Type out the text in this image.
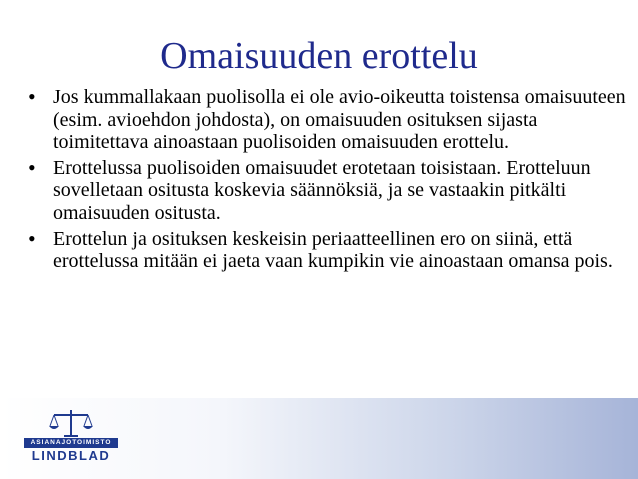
Omaisuuden erottelu
• Jos kummallakaan puolisolla ei ole avio-oikeutta toistensa omaisuuteen (esim. avioehdon johdosta), on omaisuuden osituksen sijasta toimitettava ainoastaan puolisoiden omaisuuden erottelu.
• Erottelussa puolisoiden omaisuudet erotetaan toisistaan. Erotteluun sovelletaan ositusta koskevia säännöksiä, ja se vastaakin pitkälti omaisuuden ositusta.
• Erottelun ja osituksen keskeisin periaatteellinen ero on siinä, että erottelussa mitään ei jaeta vaan kumpikin vie ainoastaan omansa pois.
ASIANAJOTOIMISTO
LINDBLAD
